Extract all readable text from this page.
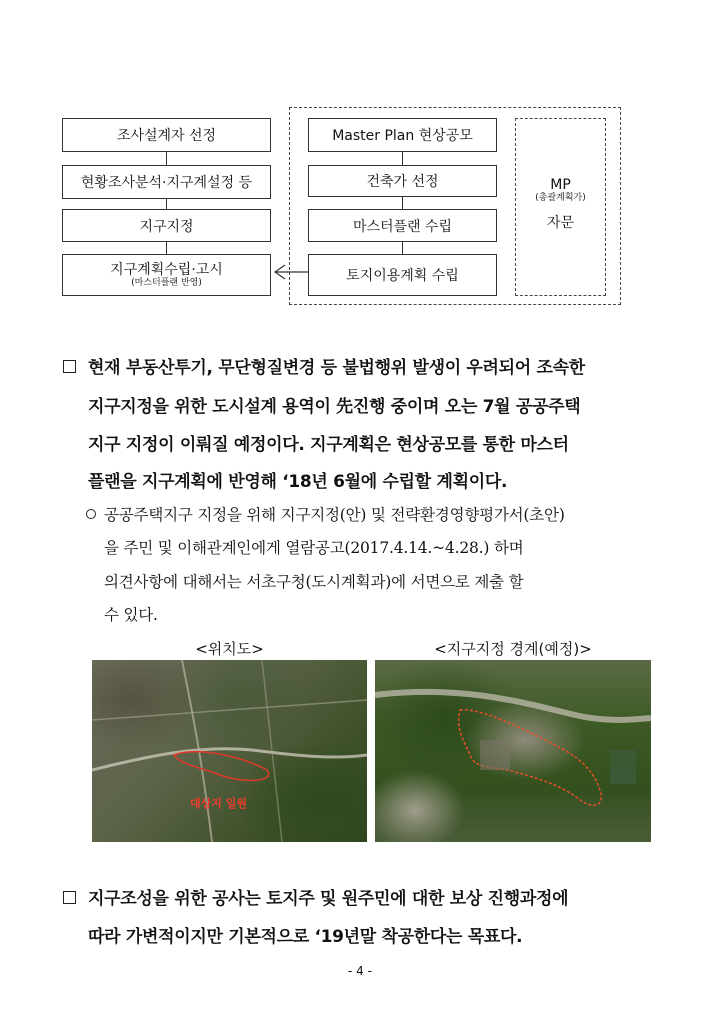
조사설계자 선정
현황조사분석·지구계설정 등
지구지정
지구계획수립·고시
(마스터플랜 반영)
Master Plan 현상공모
건축가 선정
마스터플랜 수립
토지이용계획 수립
MP
(총괄계획가)
자문
현재 부동산투기, 무단형질변경 등 불법행위 발생이 우려되어 조속한
지구지정을 위한 도시설계 용역이 先진행 중이며 오는 7월 공공주택
지구 지정이 이뤄질 예정이다. 지구계획은 현상공모를 통한 마스터
플랜을 지구계획에 반영해 ‘18년 6월에 수립할 계획이다.
공공주택지구 지정을 위해 지구지정(안) 및 전략환경영향평가서(초안)
을 주민 및 이해관계인에게 열람공고(2017.4.14.~4.28.) 하며
의견사항에 대해서는 서초구청(도시계획과)에 서면으로 제출 할
수 있다.
<위치도>	<지구지정 경계(예정)>
대상지 일원
지구조성을 위한 공사는 토지주 및 원주민에 대한 보상 진행과정에
따라 가변적이지만 기본적으로 ‘19년말 착공한다는 목표다.
- 4 -
